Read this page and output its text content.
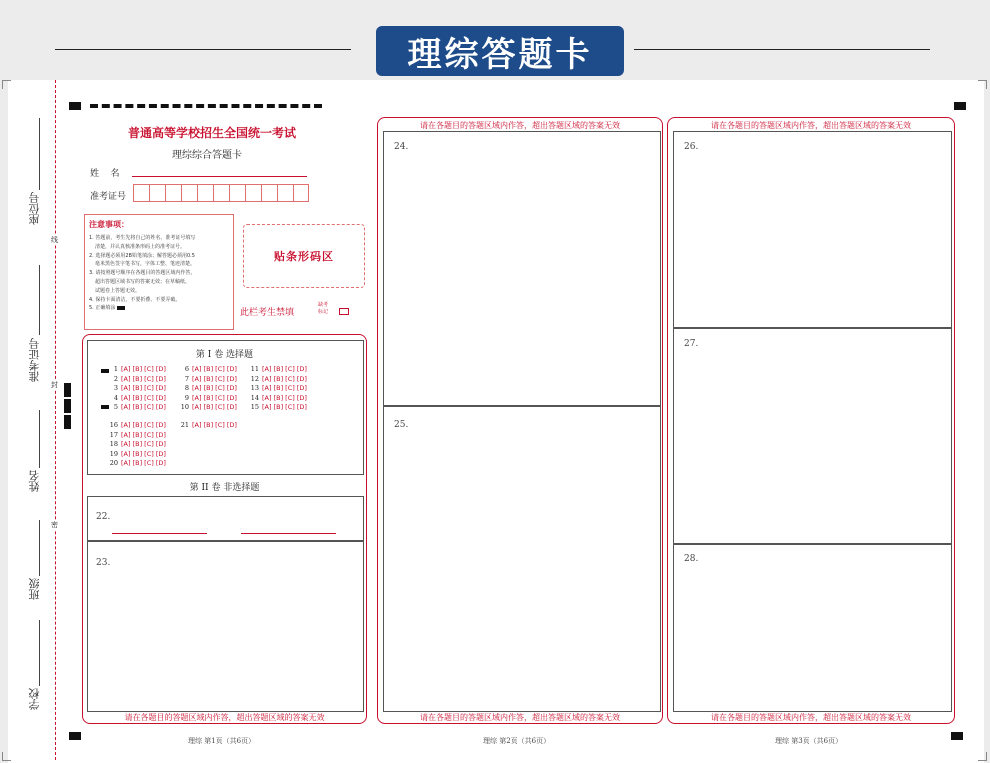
理综答题卡
线
封
密
座位号
准考证号
姓名
班级
学校
普通高等学校招生全国统一考试
理综综合答题卡
姓    名
准考证号
注意事项：
1. 答题前，考生先将自己的姓名、准考证号填写
清楚，并认真核准条形码上的准考证号。
2. 选择题必须用2B铅笔填涂；解答题必须用0.5
毫米黑色签字笔书写，字体工整、笔迹清楚。
3. 请按照题号顺序在各题目的答题区域内作答，
超出答题区域书写的答案无效；在草稿纸、
试题卷上答题无效。
4. 保持卡面清洁，不要折叠、不要弄破。
5. 正确填涂
贴条形码区
此栏考生禁填
缺考
标记
第 I 卷 选择题
1 [A] [B] [C] [D]
2 [A] [B] [C] [D]
3 [A] [B] [C] [D]
4 [A] [B] [C] [D]
5 [A] [B] [C] [D]
6 [A] [B] [C] [D]
7 [A] [B] [C] [D]
8 [A] [B] [C] [D]
9 [A] [B] [C] [D]
10 [A] [B] [C] [D]
11 [A] [B] [C] [D]
12 [A] [B] [C] [D]
13 [A] [B] [C] [D]
14 [A] [B] [C] [D]
15 [A] [B] [C] [D]
16 [A] [B] [C] [D]
17 [A] [B] [C] [D]
18 [A] [B] [C] [D]
19 [A] [B] [C] [D]
20 [A] [B] [C] [D]
21 [A] [B] [C] [D]
第 II 卷 非选择题
22.
23.
请在各题目的答题区域内作答，超出答题区域的答案无效
请在各题目的答题区域内作答，超出答题区域的答案无效
24.
25.
请在各题目的答题区域内作答，超出答题区域的答案无效
请在各题目的答题区域内作答，超出答题区域的答案无效
26.
27.
28.
请在各题目的答题区域内作答，超出答题区域的答案无效
理综 第1页（共6页）	理综 第2页（共6页）	理综 第3页（共6页）
